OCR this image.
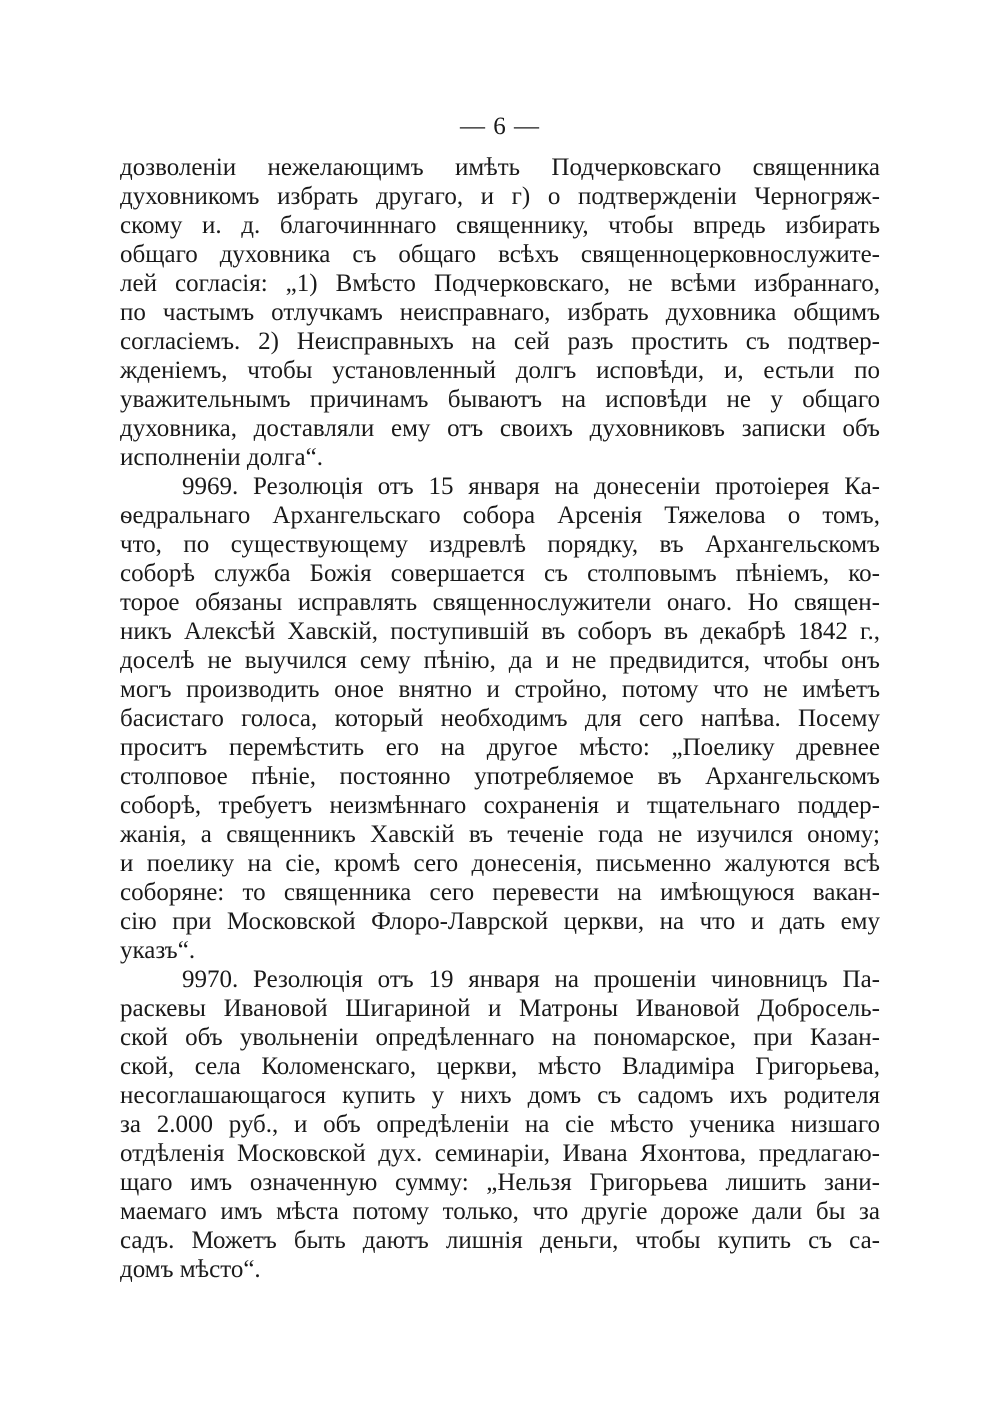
— 6 —
дозволеніи нежелающимъ имѣть Подчерковскаго священника
духовникомъ избрать другаго, и г) о подтвержденіи Черногряж-
скому и. д. благочинннаго священнику, чтобы впредь избирать
общаго духовника съ общаго всѣхъ священноцерковнослужите-
лей согласія: „1) Вмѣсто Подчерковскаго, не всѣми избраннаго,
по частымъ отлучкамъ неисправнаго, избрать духовника общимъ
согласіемъ. 2) Неисправныхъ на сей разъ простить съ подтвер-
жденіемъ, чтобы установленный долгъ исповѣди, и, естьли по
уважительнымъ причинамъ бываютъ на исповѣди не у общаго
духовника, доставляли ему отъ своихъ духовниковъ записки объ
исполненіи долга“.
9969. Резолюція отъ 15 января на донесеніи протоіерея Ка-
ѳедральнаго Архангельскаго собора Арсенія Тяжелова о томъ,
что, по существующему издревлѣ порядку, въ Архангельскомъ
соборѣ служба Божія совершается съ столповымъ пѣніемъ, ко-
торое обязаны исправлять священнослужители онаго. Но священ-
никъ Алексѣй Хавскій, поступившій въ соборъ въ декабрѣ 1842 г.,
доселѣ не выучился сему пѣнію, да и не предвидится, чтобы онъ
могъ производить оное внятно и стройно, потому что не имѣетъ
басистаго голоса, который необходимъ для сего напѣва. Посему
проситъ перемѣстить его на другое мѣсто: „Поелику древнее
столповое пѣніе, постоянно употребляемое въ Архангельскомъ
соборѣ, требуетъ неизмѣннаго сохраненія и тщательнаго поддер-
жанія, а священникъ Хавскій въ теченіе года не изучился оному;
и поелику на сіе, кромѣ сего донесенія, письменно жалуются всѣ
соборяне: то священника сего перевести на имѣющуюся вакан-
сію при Московской Флоро-Лаврской церкви, на что и дать ему
указъ“.
9970. Резолюція отъ 19 января на прошеніи чиновницъ Па-
раскевы Ивановой Шигариной и Матроны Ивановой Добросель-
ской объ увольненіи опредѣленнаго на пономарское, при Казан-
ской, села Коломенскаго, церкви, мѣсто Владиміра Григорьева,
несоглашающагося купить у нихъ домъ съ садомъ ихъ родителя
за 2.000 руб., и объ опредѣленіи на сіе мѣсто ученика низшаго
отдѣленія Московской дух. семинаріи, Ивана Яхонтова, предлагаю-
щаго имъ означенную сумму: „Нельзя Григорьева лишить зани-
маемаго имъ мѣста потому только, что другіе дороже дали бы за
садъ. Можетъ быть даютъ лишнія деньги, чтобы купить съ са-
домъ мѣсто“.
